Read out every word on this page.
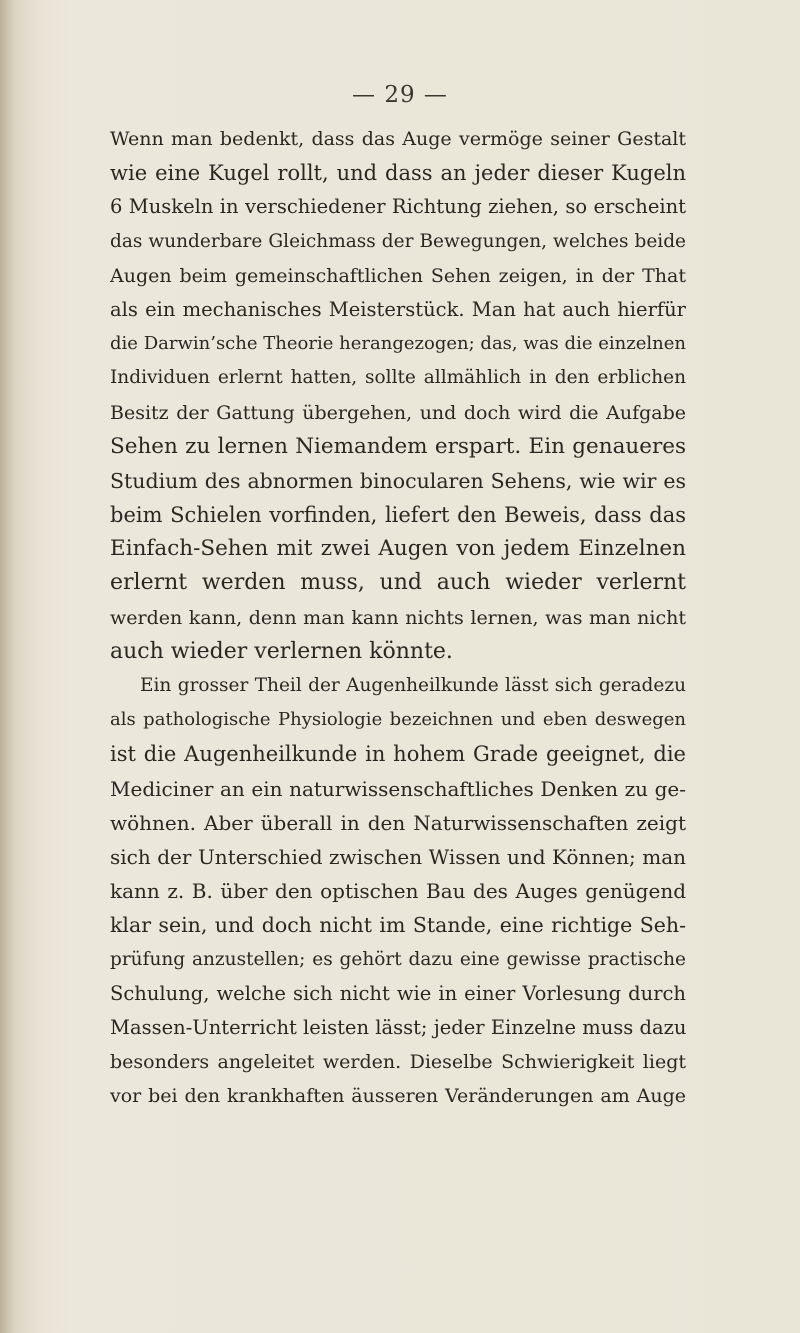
— 29 —
Wenn man bedenkt, dass das Auge vermöge seiner Gestalt
wie eine Kugel rollt, und dass an jeder dieser Kugeln
6 Muskeln in verschiedener Richtung ziehen, so erscheint
das wunderbare Gleichmass der Bewegungen, welches beide
Augen beim gemeinschaftlichen Sehen zeigen, in der That
als ein mechanisches Meisterstück. Man hat auch hierfür
die Darwin’sche Theorie herangezogen; das, was die einzelnen
Individuen erlernt hatten, sollte allmählich in den erblichen
Besitz der Gattung übergehen, und doch wird die Aufgabe
Sehen zu lernen Niemandem erspart. Ein genaueres
Studium des abnormen binocularen Sehens, wie wir es
beim Schielen vorfinden, liefert den Beweis, dass das
Einfach-Sehen mit zwei Augen von jedem Einzelnen
erlernt werden muss, und auch wieder verlernt
werden kann, denn man kann nichts lernen, was man nicht
auch wieder verlernen könnte.
Ein grosser Theil der Augenheilkunde lässt sich geradezu
als pathologische Physiologie bezeichnen und eben deswegen
ist die Augenheilkunde in hohem Grade geeignet, die
Mediciner an ein naturwissenschaftliches Denken zu ge-
wöhnen. Aber überall in den Naturwissenschaften zeigt
sich der Unterschied zwischen Wissen und Können; man
kann z. B. über den optischen Bau des Auges genügend
klar sein, und doch nicht im Stande, eine richtige Seh-
prüfung anzustellen; es gehört dazu eine gewisse practische
Schulung, welche sich nicht wie in einer Vorlesung durch
Massen-Unterricht leisten lässt; jeder Einzelne muss dazu
besonders angeleitet werden. Dieselbe Schwierigkeit liegt
vor bei den krankhaften äusseren Veränderungen am Auge
